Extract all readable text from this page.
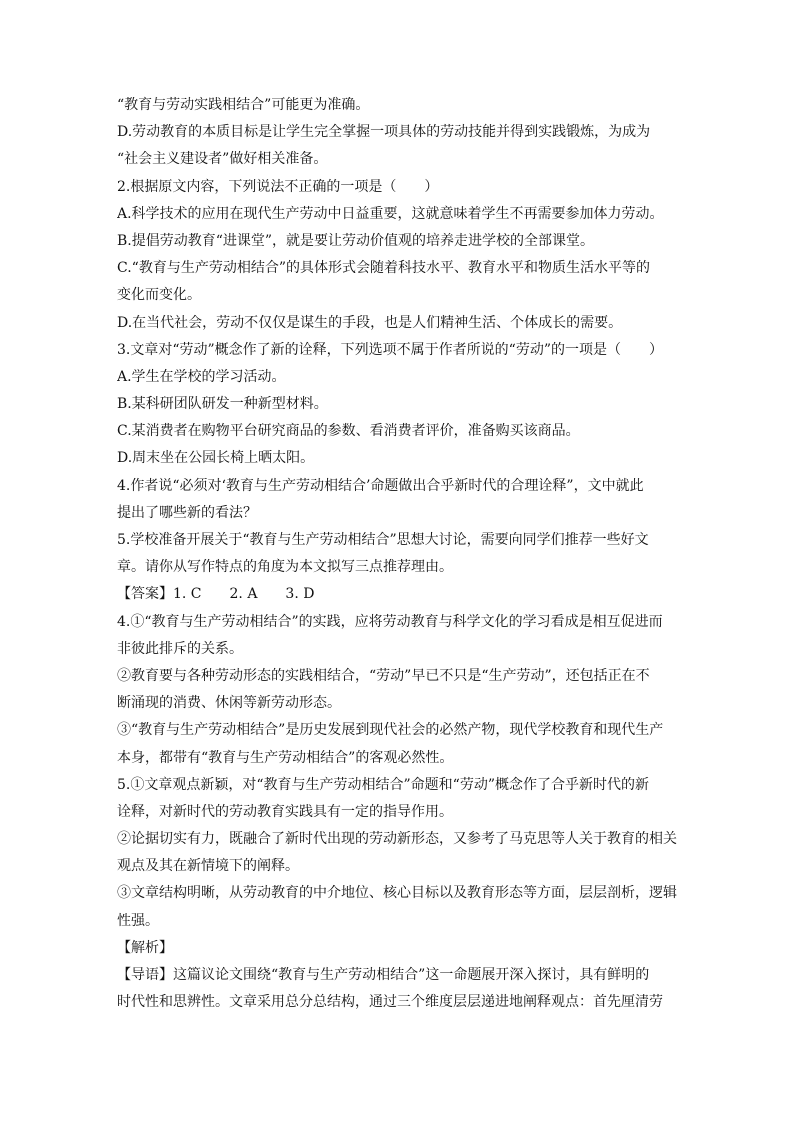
“教育与劳动实践相结合”可能更为准确。
D.劳动教育的本质目标是让学生完全掌握一项具体的劳动技能并得到实践锻炼，为成为
“社会主义建设者”做好相关准备。
2.根据原文内容，下列说法不正确的一项是（　　）
A.科学技术的应用在现代生产劳动中日益重要，这就意味着学生不再需要参加体力劳动。
B.提倡劳动教育“进课堂”，就是要让劳动价值观的培养走进学校的全部课堂。
C.“教育与生产劳动相结合”的具体形式会随着科技水平、教育水平和物质生活水平等的
变化而变化。
D.在当代社会，劳动不仅仅是谋生的手段，也是人们精神生活、个体成长的需要。
3.文章对“劳动”概念作了新的诠释，下列选项不属于作者所说的“劳动”的一项是（　　）
A.学生在学校的学习活动。
B.某科研团队研发一种新型材料。
C.某消费者在购物平台研究商品的参数、看消费者评价，准备购买该商品。
D.周末坐在公园长椅上晒太阳。
4.作者说“必须对‘教育与生产劳动相结合’命题做出合乎新时代的合理诠释”，文中就此
提出了哪些新的看法？
5.学校准备开展关于“教育与生产劳动相结合”思想大讨论，需要向同学们推荐一些好文
章。请你从写作特点的角度为本文拟写三点推荐理由。
【答案】1. C　　2. A　　3. D
4.①“教育与生产劳动相结合”的实践，应将劳动教育与科学文化的学习看成是相互促进而
非彼此排斥的关系。
②教育要与各种劳动形态的实践相结合，“劳动”早已不只是“生产劳动”，还包括正在不
断涌现的消费、休闲等新劳动形态。
③“教育与生产劳动相结合”是历史发展到现代社会的必然产物，现代学校教育和现代生产
本身，都带有“教育与生产劳动相结合”的客观必然性。
5.①文章观点新颖，对“教育与生产劳动相结合”命题和“劳动”概念作了合乎新时代的新
诠释，对新时代的劳动教育实践具有一定的指导作用。
②论据切实有力，既融合了新时代出现的劳动新形态，又参考了马克思等人关于教育的相关
观点及其在新情境下的阐释。
③文章结构明晰，从劳动教育的中介地位、核心目标以及教育形态等方面，层层剖析，逻辑
性强。
【解析】
【导语】这篇议论文围绕“教育与生产劳动相结合”这一命题展开深入探讨，具有鲜明的
时代性和思辨性。文章采用总分总结构，通过三个维度层层递进地阐释观点：首先厘清劳
